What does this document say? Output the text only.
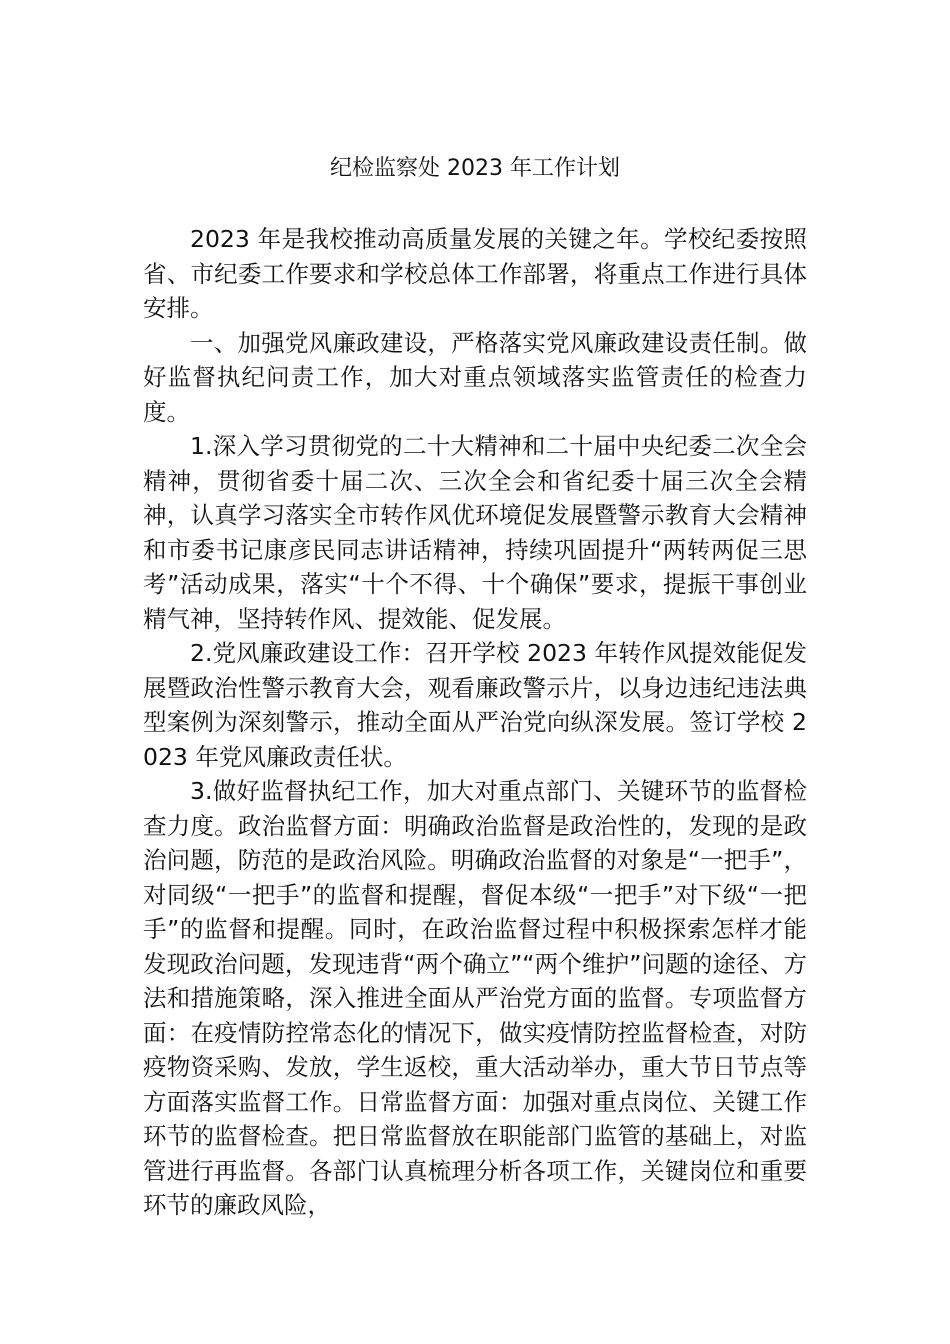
纪检监察处 2023 年工作计划

2023 年是我校推动高质量发展的关键之年。学校纪委按照省、市纪委工作要求和学校总体工作部署，将重点工作进行具体安排。

一、加强党风廉政建设，严格落实党风廉政建设责任制。做好监督执纪问责工作，加大对重点领域落实监管责任的检查力度。

1.深入学习贯彻党的二十大精神和二十届中央纪委二次全会精神，贯彻省委十届二次、三次全会和省纪委十届三次全会精神，认真学习落实全市转作风优环境促发展暨警示教育大会精神和市委书记康彦民同志讲话精神，持续巩固提升“两转两促三思考”活动成果，落实“十个不得、十个确保”要求，提振干事创业精气神，坚持转作风、提效能、促发展。

2.党风廉政建设工作：召开学校 2023 年转作风提效能促发展暨政治性警示教育大会，观看廉政警示片，以身边违纪违法典型案例为深刻警示，推动全面从严治党向纵深发展。签订学校 2023 年党风廉政责任状。

3.做好监督执纪工作，加大对重点部门、关键环节的监督检查力度。政治监督方面：明确政治监督是政治性的，发现的是政治问题，防范的是政治风险。明确政治监督的对象是“一把手”，对同级“一把手”的监督和提醒，督促本级“一把手”对下级“一把手”的监督和提醒。同时，在政治监督过程中积极探索怎样才能发现政治问题，发现违背“两个确立”“两个维护”问题的途径、方法和措施策略，深入推进全面从严治党方面的监督。专项监督方面：在疫情防控常态化的情况下，做实疫情防控监督检查，对防疫物资采购、发放，学生返校，重大活动举办，重大节日节点等方面落实监督工作。日常监督方面：加强对重点岗位、关键工作环节的监督检查。把日常监督放在职能部门监管的基础上，对监管进行再监督。各部门认真梳理分析各项工作，关键岗位和重要环节的廉政风险，
